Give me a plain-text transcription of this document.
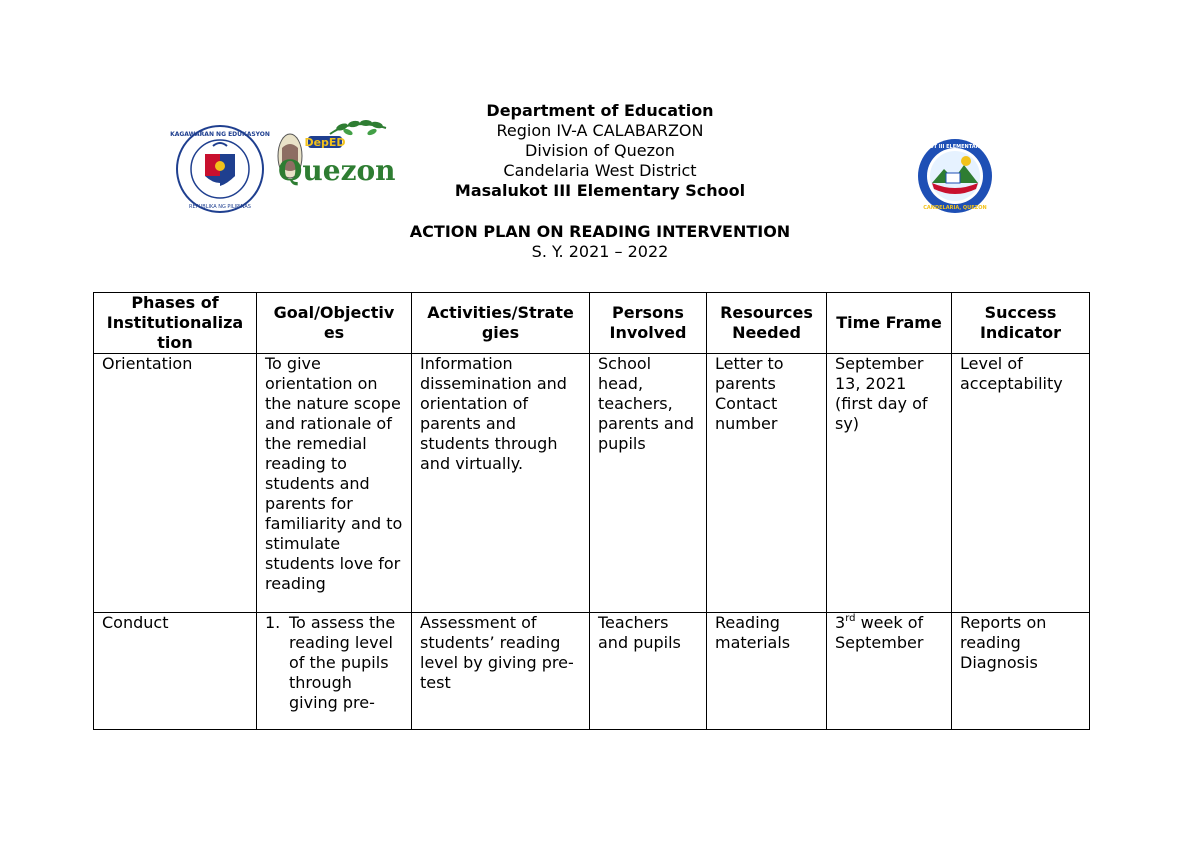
KAGAWARAN NG EDUKASYON
REPUBLIKA NG PILIPINAS
DepED
Quezon
MASALUKOT III ELEMENTARY SCHOOL
CANDELARIA, QUEZON
Department of Education
Region IV-A CALABARZON
Division of Quezon
Candelaria West District
Masalukot III Elementary School
ACTION PLAN ON READING INTERVENTION
S. Y. 2021 – 2022
Phases of Institutionaliza tion	Goal/Objectiv es	Activities/Strate gies	Persons Involved	Resources Needed	Time Frame	Success Indicator
Orientation	To give orientation on the nature scope and rationale of the remedial reading to students and parents for familiarity and to stimulate students love for reading	Information dissemination and orientation of parents and students through and virtually.	School head, teachers, parents and pupils	Letter to parents Contact number	September 13, 2021 (first day of sy)	Level of acceptability
Conduct	1. To assess the reading level of the pupils through giving pre-	Assessment of students’ reading level by giving pre-test	Teachers and pupils	Reading materials	3rd week of September	Reports on reading Diagnosis
